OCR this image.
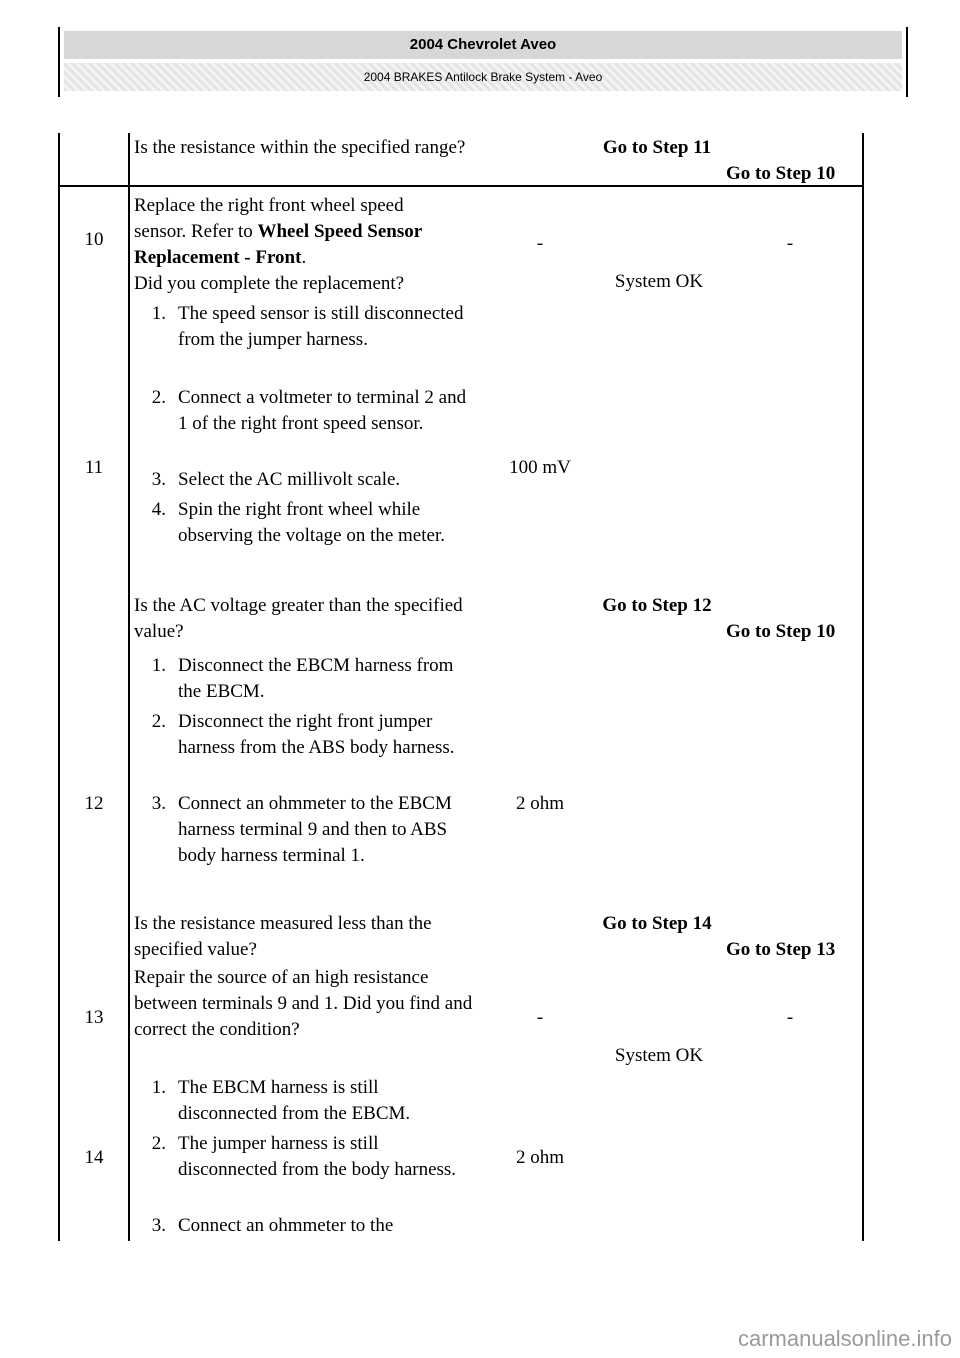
2004 Chevrolet Aveo
2004 BRAKES Antilock Brake System - Aveo
Is the resistance within the specified range?	Go to Step 11
Go to Step 10
10
Replace the right front wheel speed
sensor. Refer to Wheel Speed Sensor Replacement - Front.
Did you complete the replacement?
-
System OK
-
11
1. The speed sensor is still disconnected from the jumper harness.
2. Connect a voltmeter to terminal 2 and 1 of the right front speed sensor.
3. Select the AC millivolt scale.
4. Spin the right front wheel while observing the voltage on the meter.
100 mV
Is the AC voltage greater than the specified value?
Go to Step 12
Go to Step 10
12
1. Disconnect the EBCM harness from the EBCM.
2. Disconnect the right front jumper harness from the ABS body harness.
3. Connect an ohmmeter to the EBCM harness terminal 9 and then to ABS body harness terminal 1.
2 ohm
Is the resistance measured less than the specified value?
Go to Step 14
Go to Step 13
13
Repair the source of an high resistance between terminals 9 and 1. Did you find and correct the condition?
-
System OK
-
14
1. The EBCM harness is still disconnected from the EBCM.
2. The jumper harness is still disconnected from the body harness.
3. Connect an ohmmeter to the
2 ohm
carmanualsonline.info
